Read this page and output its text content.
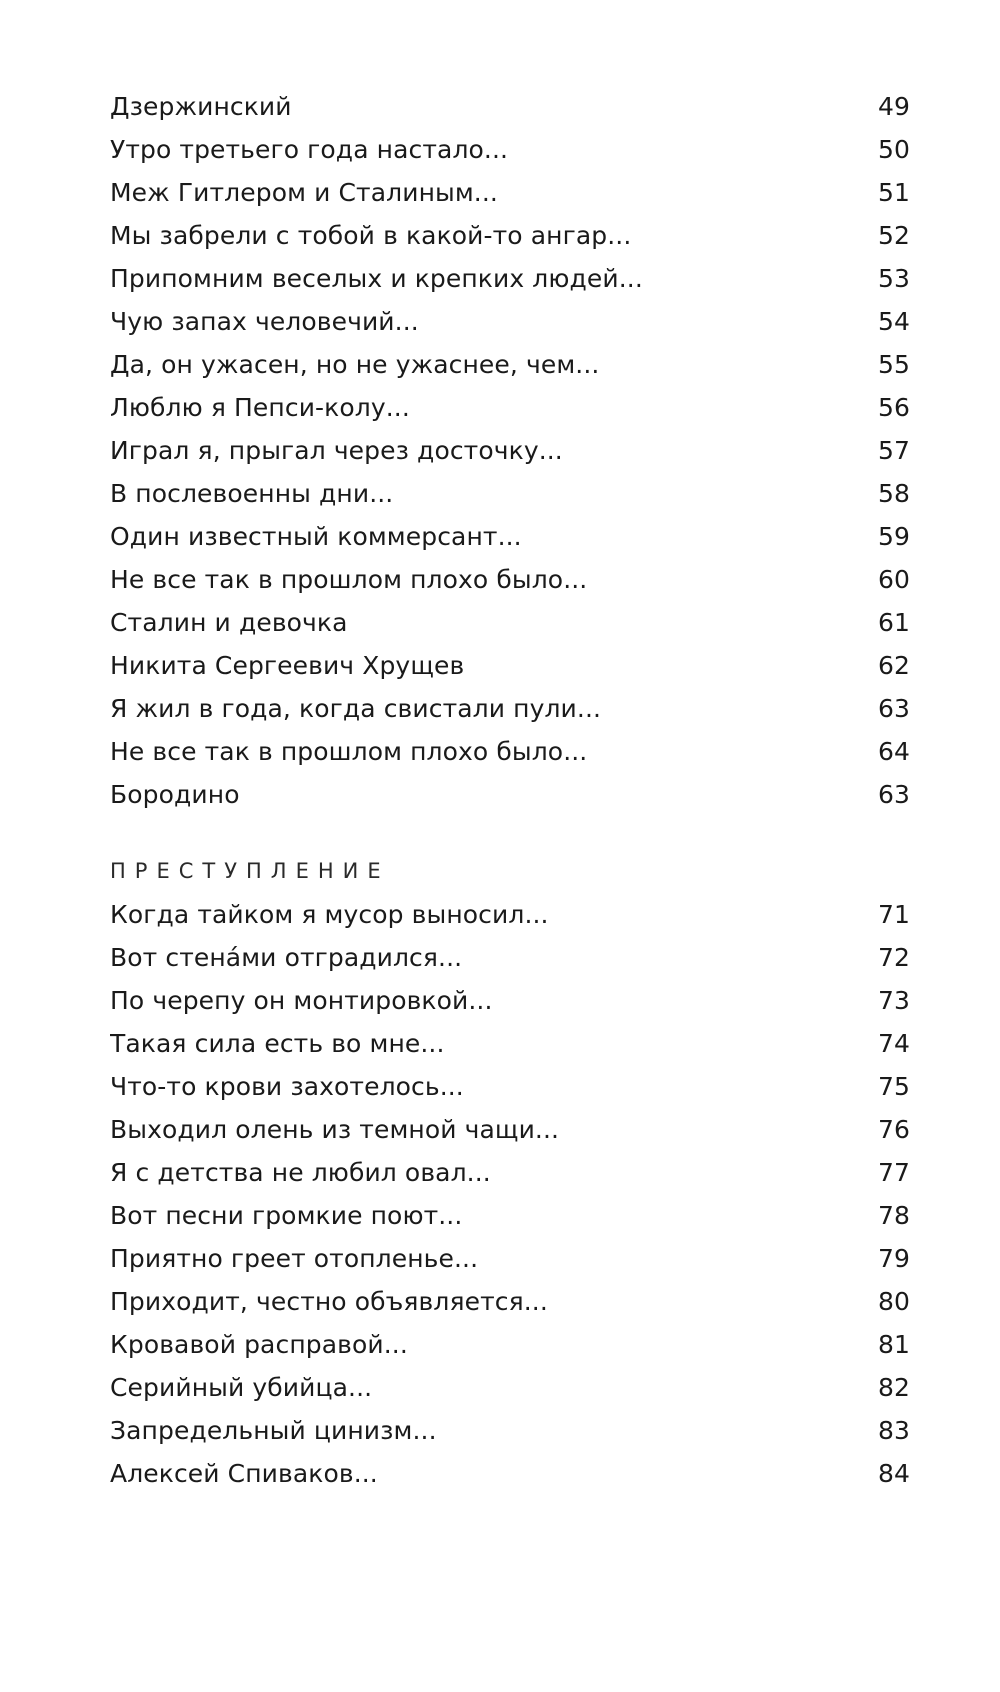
Дзержинский	49
Утро третьего года настало...	50
Меж Гитлером и Сталиным...	51
Мы забрели с тобой в какой-то ангар...	52
Припомним веселых и крепких людей...	53
Чую запах человечий...	54
Да, он ужасен, но не ужаснее, чем...	55
Люблю я Пепси-колу...	56
Играл я, прыгал через досточку...	57
В послевоенны дни...	58
Один известный коммерсант...	59
Не все так в прошлом плохо было...	60
Сталин и девочка	61
Никита Сергеевич Хрущев	62
Я жил в года, когда свистали пули...	63
Не все так в прошлом плохо было...	64
Бородино	63
ПРЕСТУПЛЕНИЕ
Когда тайком я мусор выносил...	71
Вот стена́ми отградился...	72
По черепу он монтировкой...	73
Такая сила есть во мне...	74
Что-то крови захотелось...	75
Выходил олень из темной чащи...	76
Я с детства не любил овал...	77
Вот песни громкие поют...	78
Приятно греет отопленье...	79
Приходит, честно объявляется...	80
Кровавой расправой...	81
Серийный убийца...	82
Запредельный цинизм...	83
Алексей Спиваков...	84
